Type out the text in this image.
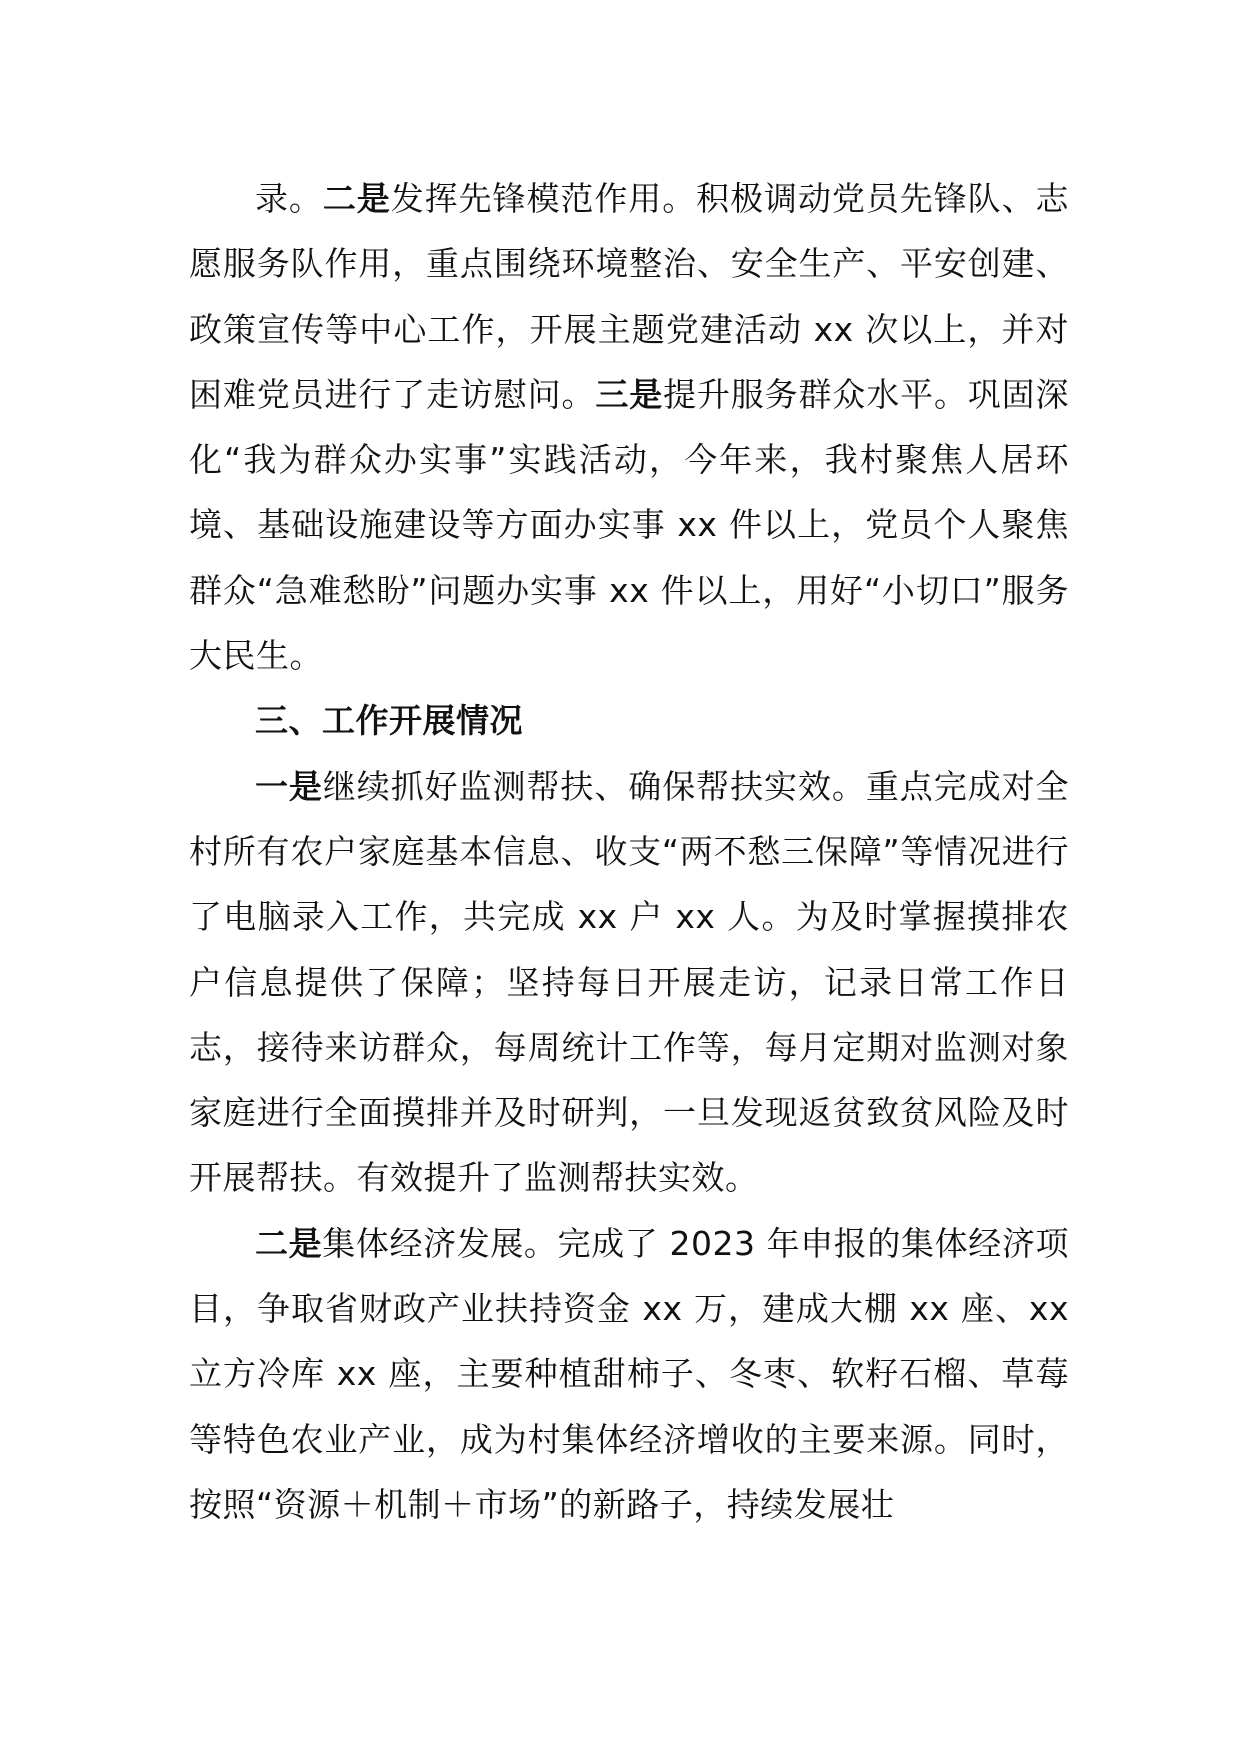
录。二是发挥先锋模范作用。积极调动党员先锋队、志愿服务队作用，重点围绕环境整治、安全生产、平安创建、政策宣传等中心工作，开展主题党建活动 xx 次以上，并对困难党员进行了走访慰问。三是提升服务群众水平。巩固深化“我为群众办实事”实践活动，今年来，我村聚焦人居环境、基础设施建设等方面办实事 xx 件以上，党员个人聚焦群众“急难愁盼”问题办实事 xx 件以上，用好“小切口”服务大民生。

三、工作开展情况

一是继续抓好监测帮扶、确保帮扶实效。重点完成对全村所有农户家庭基本信息、收支“两不愁三保障”等情况进行了电脑录入工作，共完成 xx 户 xx 人。为及时掌握摸排农户信息提供了保障；坚持每日开展走访，记录日常工作日志，接待来访群众，每周统计工作等，每月定期对监测对象家庭进行全面摸排并及时研判，一旦发现返贫致贫风险及时开展帮扶。有效提升了监测帮扶实效。

二是集体经济发展。完成了 2023 年申报的集体经济项目，争取省财政产业扶持资金 xx 万，建成大棚 xx 座、xx 立方冷库 xx 座，主要种植甜柿子、冬枣、软籽石榴、草莓等特色农业产业，成为村集体经济增收的主要来源。同时，按照“资源＋机制＋市场”的新路子，持续发展壮
